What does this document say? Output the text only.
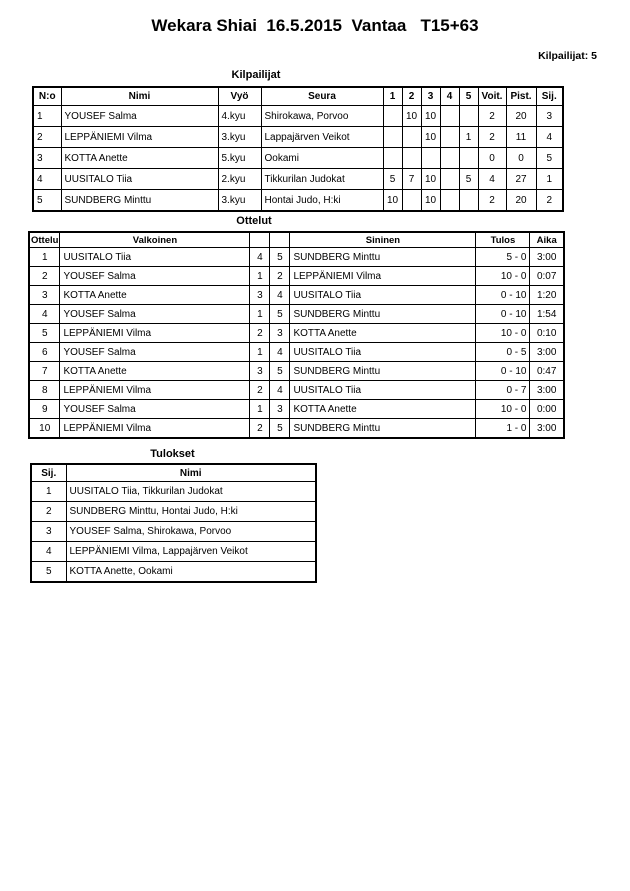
Wekara Shiai  16.5.2015  Vantaa   T15+63
Kilpailijat: 5
Kilpailijat
N:o	Nimi	Vyö	Seura	1	2	3	4	5	Voit.	Pist.	Sij.
1	YOUSEF Salma	4.kyu	Shirokawa, Porvoo		10	10			2	20	3
2	LEPPÄNIEMI Vilma	3.kyu	Lappajärven Veikot			10		1	2	11	4
3	KOTTA Anette	5.kyu	Ookami						0	0	5
4	UUSITALO Tiia	2.kyu	Tikkurilan Judokat	5	7	10		5	4	27	1
5	SUNDBERG Minttu	3.kyu	Hontai Judo, H:ki	10		10			2	20	2
Ottelut
Ottelu	Valkoinen			Sininen	Tulos	Aika
1	UUSITALO Tiia	4	5	SUNDBERG Minttu	5 - 0	3:00
2	YOUSEF Salma	1	2	LEPPÄNIEMI Vilma	10 - 0	0:07
3	KOTTA Anette	3	4	UUSITALO Tiia	0 - 10	1:20
4	YOUSEF Salma	1	5	SUNDBERG Minttu	0 - 10	1:54
5	LEPPÄNIEMI Vilma	2	3	KOTTA Anette	10 - 0	0:10
6	YOUSEF Salma	1	4	UUSITALO Tiia	0 - 5	3:00
7	KOTTA Anette	3	5	SUNDBERG Minttu	0 - 10	0:47
8	LEPPÄNIEMI Vilma	2	4	UUSITALO Tiia	0 - 7	3:00
9	YOUSEF Salma	1	3	KOTTA Anette	10 - 0	0:00
10	LEPPÄNIEMI Vilma	2	5	SUNDBERG Minttu	1 - 0	3:00
Tulokset
Sij.	Nimi
1	UUSITALO Tiia, Tikkurilan Judokat
2	SUNDBERG Minttu, Hontai Judo, H:ki
3	YOUSEF Salma, Shirokawa, Porvoo
4	LEPPÄNIEMI Vilma, Lappajärven Veikot
5	KOTTA Anette, Ookami
